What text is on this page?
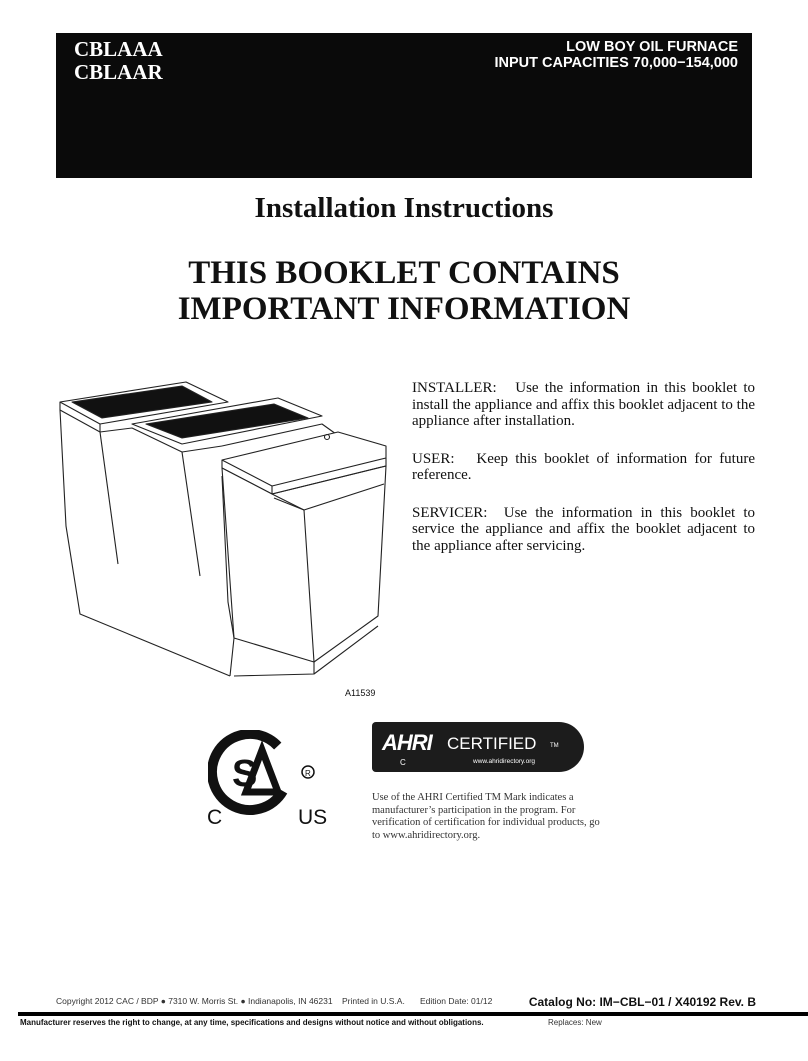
CBLAAA
CBLAAR
LOW BOY OIL FURNACE
INPUT CAPACITIES 70,000−154,000
Installation Instructions
THIS BOOKLET CONTAINS
IMPORTANT INFORMATION
A11539

INSTALLER: Use the information in this booklet to install the appliance and affix this booklet adjacent to the appliance after installation.

USER: Keep this booklet of information for future reference.

SERVICER: Use the information in this booklet to service the appliance and affix the booklet adjacent to the appliance after servicing.

S	R
C	US
AHRI CERTIFIED TM
C	www.ahridirectory.org
Use of the AHRI Certified TM Mark indicates a manufacturer’s participation in the program. For verification of certification for individual products, go to www.ahridirectory.org.
Copyright 2012 CAC / BDP ● 7310 W. Morris St. ● Indianapolis, IN 46231 Printed in U.S.A. Edition Date: 01/12	Catalog No: IM−CBL−01 / X40192 Rev. B
Manufacturer reserves the right to change, at any time, specifications and designs without notice and without obligations.	Replaces: New
